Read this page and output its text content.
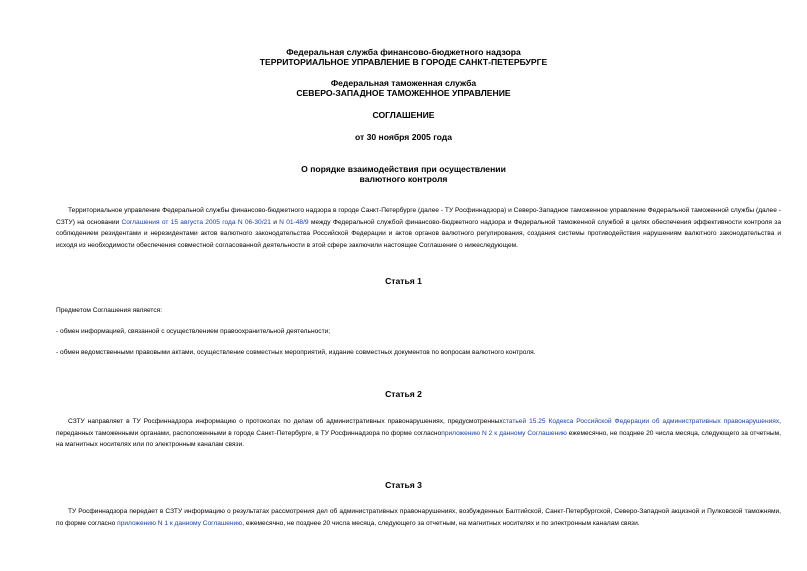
Федеральная служба финансово-бюджетного надзора
ТЕРРИТОРИАЛЬНОЕ УПРАВЛЕНИЕ В ГОРОДЕ САНКТ-ПЕТЕРБУРГЕ
Федеральная таможенная служба
СЕВЕРО-ЗАПАДНОЕ ТАМОЖЕННОЕ УПРАВЛЕНИЕ
СОГЛАШЕНИЕ
от 30 ноября 2005 года
О порядке взаимодействия при осуществлении
валютного контроля
Территориальное управление Федеральной службы финансово-бюджетного надзора в городе Санкт-Петербурге (далее - ТУ Росфиннадзора) и Северо-Западное таможенное управление Федеральной таможенной службы (далее - СЗТУ) на основании Соглашения от 15 августа 2005 года N 06-30/21 и N 01-48/9 между Федеральной службой финансово-бюджетного надзора и Федеральной таможенной службой в целях обеспечения эффективности контроля за соблюдением резидентами и нерезидентами актов валютного законодательства Российской Федерации и актов органов валютного регулирования, создания системы противодействия нарушениям валютного законодательства и исходя из необходимости обеспечения совместной согласованной деятельности в этой сфере заключили настоящее Соглашение о нижеследующем.
Статья 1
Предметом Соглашения является:
- обмен информацией, связанной с осуществлением правоохранительной деятельности;
- обмен ведомственными правовыми актами, осуществление совместных мероприятий, издание совместных документов по вопросам валютного контроля.
Статья 2
СЗТУ направляет в ТУ Росфиннадзора информацию о протоколах по делам об административных правонарушениях, предусмотренныхстатьей 15.25 Кодекса Российской Федерации об административных правонарушениях, переданных таможенными органами, расположенными в городе Санкт-Петербурге, в ТУ Росфиннадзора по форме согласноприложению N 2 к данному Соглашению ежемесячно, не позднее 20 числа месяца, следующего за отчетным, на магнитных носителях или по электронным каналам связи.
Статья 3
ТУ Росфиннадзора передает в СЗТУ информацию о результатах рассмотрения дел об административных правонарушениях, возбужденных Балтийской, Санкт-Петербургской, Северо-Западной акцизной и Пулковской таможнями, по форме согласно приложению N 1 к данному Соглашению, ежемесячно, не позднее 20 числа месяца, следующего за отчетным, на магнитных носителях и по электронным каналам связи.
